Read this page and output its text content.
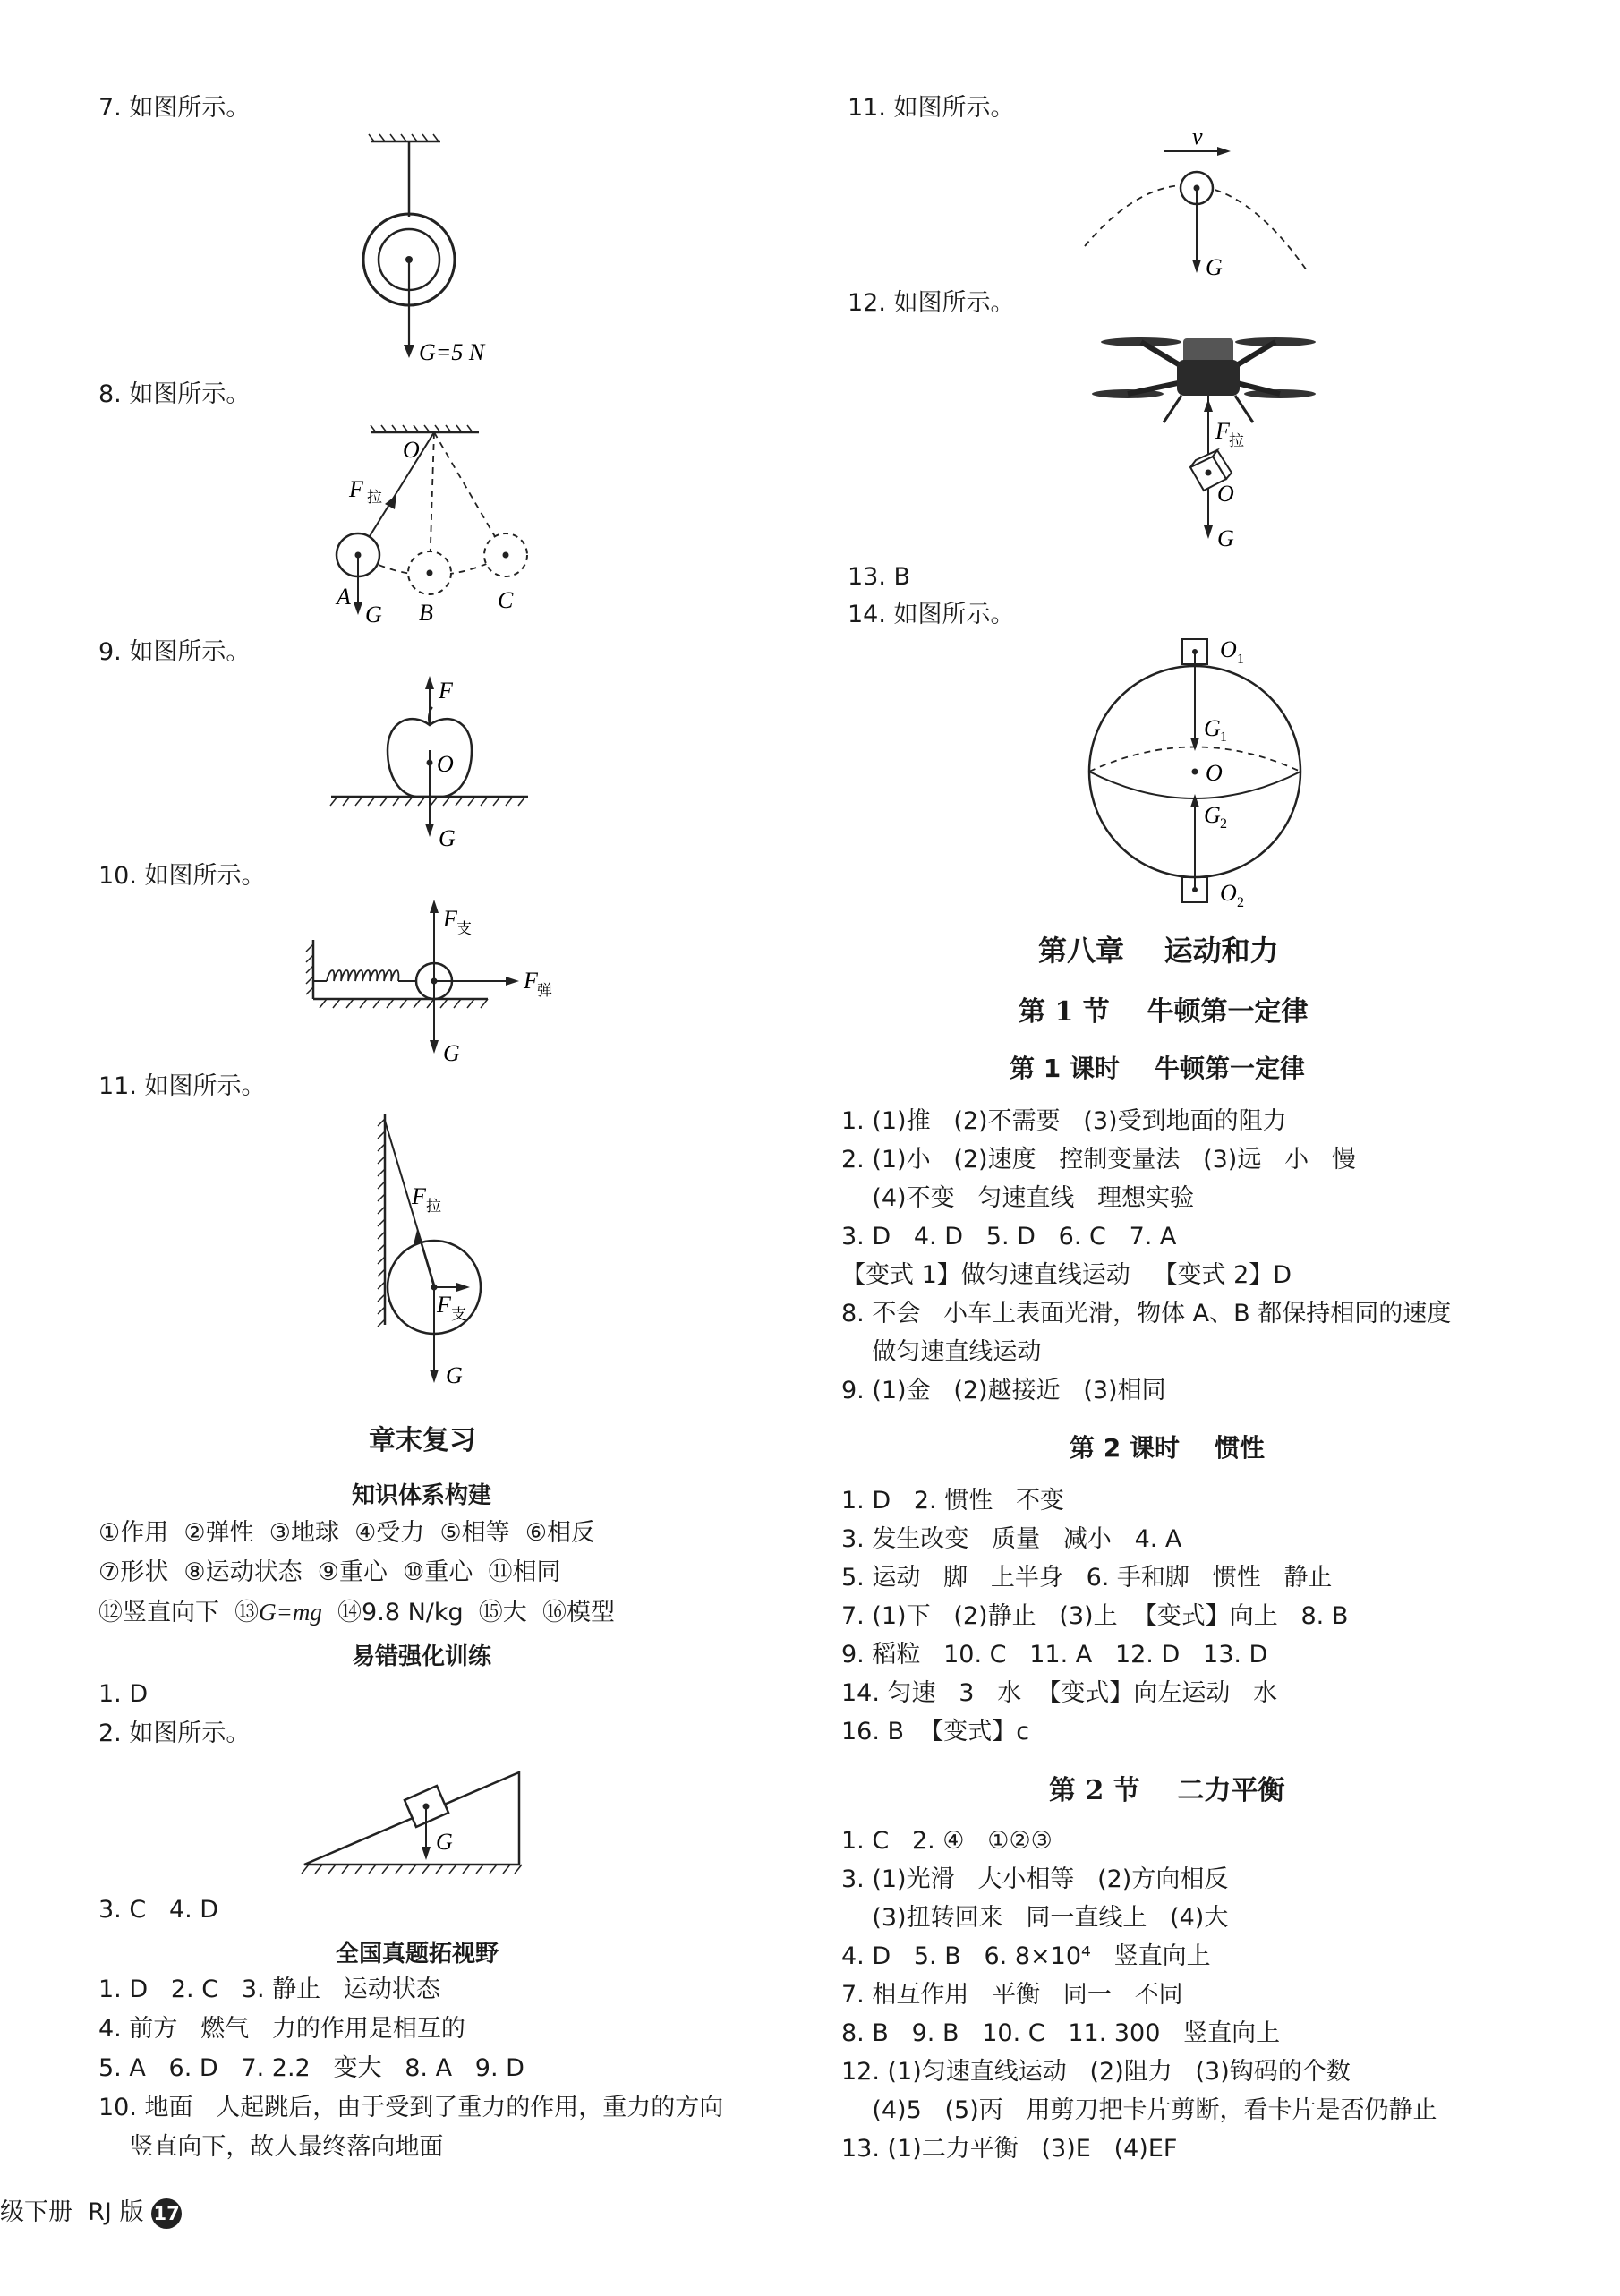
7. 如图所示。
G=5 N
8. 如图所示。
O
F 拉
A
G B	C
9. 如图所示。
F
O
G
10. 如图所示。
F 支
F 弹
G
11. 如图所示。
F 拉
F 支
G
章末复习
知识体系构建
①作用  ②弹性  ③地球  ④受力  ⑤相等  ⑥相反
⑦形状  ⑧运动状态  ⑨重心  ⑩重心  ⑪相同
⑫竖直向下  ⑬G=mg  ⑭9.8 N/kg  ⑮大  ⑯模型
易错强化训练
1. D
2. 如图所示。
G
3. C   4. D
全国真题拓视野
1. D   2. C   3. 静止   运动状态
4. 前方   燃气   力的作用是相互的
5. A   6. D   7. 2.2   变大   8. A   9. D
10. 地面   人起跳后，由于受到了重力的作用，重力的方向
竖直向下，故人最终落向地面
级下册  RJ 版 17
11. 如图所示。
v
G
12. 如图所示。
F 拉
O
G
13. B
14. 如图所示。
O 1
G 1
O
G 2
O 2
第八章    运动和力
第 1 节    牛顿第一定律
第 1 课时    牛顿第一定律
1. (1)推   (2)不需要   (3)受到地面的阻力
2. (1)小   (2)速度   控制变量法   (3)远   小   慢
(4)不变   匀速直线   理想实验
3. D   4. D   5. D   6. C   7. A
【变式 1】做匀速直线运动   【变式 2】D
8. 不会   小车上表面光滑，物体 A、B 都保持相同的速度
做匀速直线运动
9. (1)金   (2)越接近   (3)相同
第 2 课时    惯性
1. D   2. 惯性   不变
3. 发生改变   质量   减小   4. A
5. 运动   脚   上半身   6. 手和脚   惯性   静止
7. (1)下   (2)静止   (3)上  【变式】向上   8. B
9. 稻粒   10. C   11. A   12. D   13. D
14. 匀速   3   水  【变式】向左运动   水
16. B  【变式】c
第 2 节    二力平衡
1. C   2. ④   ①②③
3. (1)光滑   大小相等   (2)方向相反
(3)扭转回来   同一直线上   (4)大
4. D   5. B   6. 8×10⁴   竖直向上
7. 相互作用   平衡   同一   不同
8. B   9. B   10. C   11. 300   竖直向上
12. (1)匀速直线运动   (2)阻力   (3)钩码的个数
(4)5   (5)丙   用剪刀把卡片剪断，看卡片是否仍静止
13. (1)二力平衡   (3)E   (4)EF
